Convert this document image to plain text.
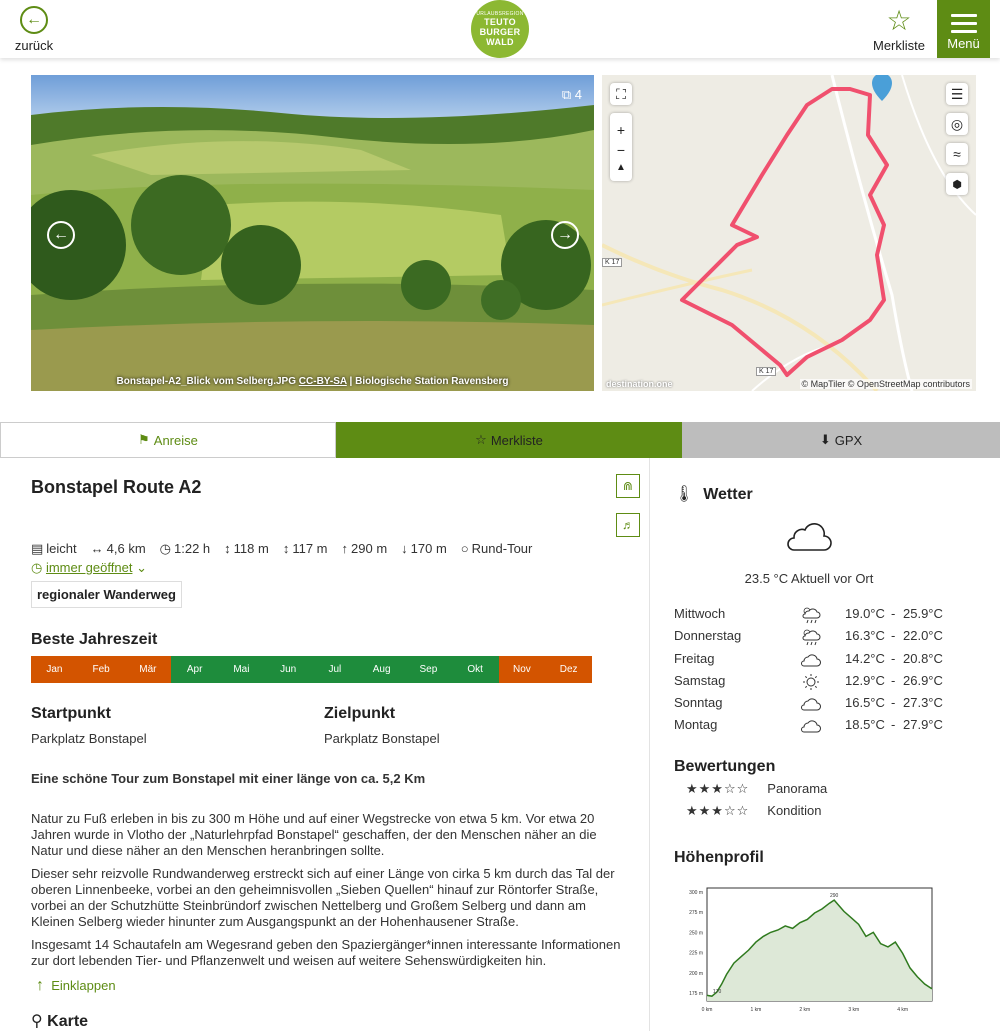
←
zurück
URLAUBSREGION
TEUTO
BURGER
WALD
☆
Merkliste	Menü
⧉ 4
←	→
Bonstapel-A2_Blick vom Selberg.JPG CC-BY-SA | Biologische Station Ravensberg
K 17
K 17
⛶
+
−
▲
☰
◎
≈
⬢
destination.one	© MapTiler © OpenStreetMap contributors
⚑ Anreise	☆ Merkliste	⬇ GPX
Bonstapel Route A2	⋒
♬
▤ leicht ↔ 4,6 km ◷ 1:22 h ↕ 118 m ↕ 117 m ↑ 290 m ↓ 170 m ○ Rund-Tour
◷ immer geöffnet ⌄
regionaler Wanderweg
Beste Jahreszeit
Jan	Feb	Mär	Apr	Mai	Jun	Jul	Aug	Sep	Okt	Nov	Dez
Startpunkt
Parkplatz Bonstapel
Zielpunkt
Parkplatz Bonstapel
Eine schöne Tour zum Bonstapel mit einer länge von ca. 5,2 Km
Natur zu Fuß erleben in bis zu 300 m Höhe und auf einer Wegstrecke von etwa 5 km. Vor etwa 20 Jahren wurde in Vlotho der „Naturlehrpfad Bonstapel“ geschaffen, der den Menschen näher an die Natur und diese näher an den Menschen heranbringen sollte.
Dieser sehr reizvolle Rundwanderweg erstreckt sich auf einer Länge von cirka 5 km durch das Tal der oberen Linnenbeeke, vorbei an den geheimnisvollen „Sieben Quellen“ hinauf zur Röntorfer Straße, vorbei an der Schutzhütte Steinbründorf zwischen Nettelberg und Großem Selberg und dann am Kleinen Selberg wieder hinunter zum Ausgangspunkt an der Hohenhausener Straße.
Insgesamt 14 Schautafeln am Wegesrand geben den Spaziergänger*innen interessante Informationen zur dort lebenden Tier- und Pflanzenwelt und weisen auf weitere Sehenswürdigkeiten hin.
↑ Einklappen
⚲ Karte
🌡 Wetter
23.5 °C Aktuell vor Ort
Mittwoch	19.0°C - 25.9°C
Donnerstag	16.3°C - 22.0°C
Freitag	14.2°C - 20.8°C
Samstag	12.9°C - 26.9°C
Sonntag	16.5°C - 27.3°C
Montag	18.5°C - 27.9°C
Bewertungen
★★★☆☆ Panorama
★★★☆☆ Kondition
Höhenprofil
175 m
200 m
225 m
250 m
275 m
300 m
0 km	1 km	2 km	3 km	4 km
290
170
